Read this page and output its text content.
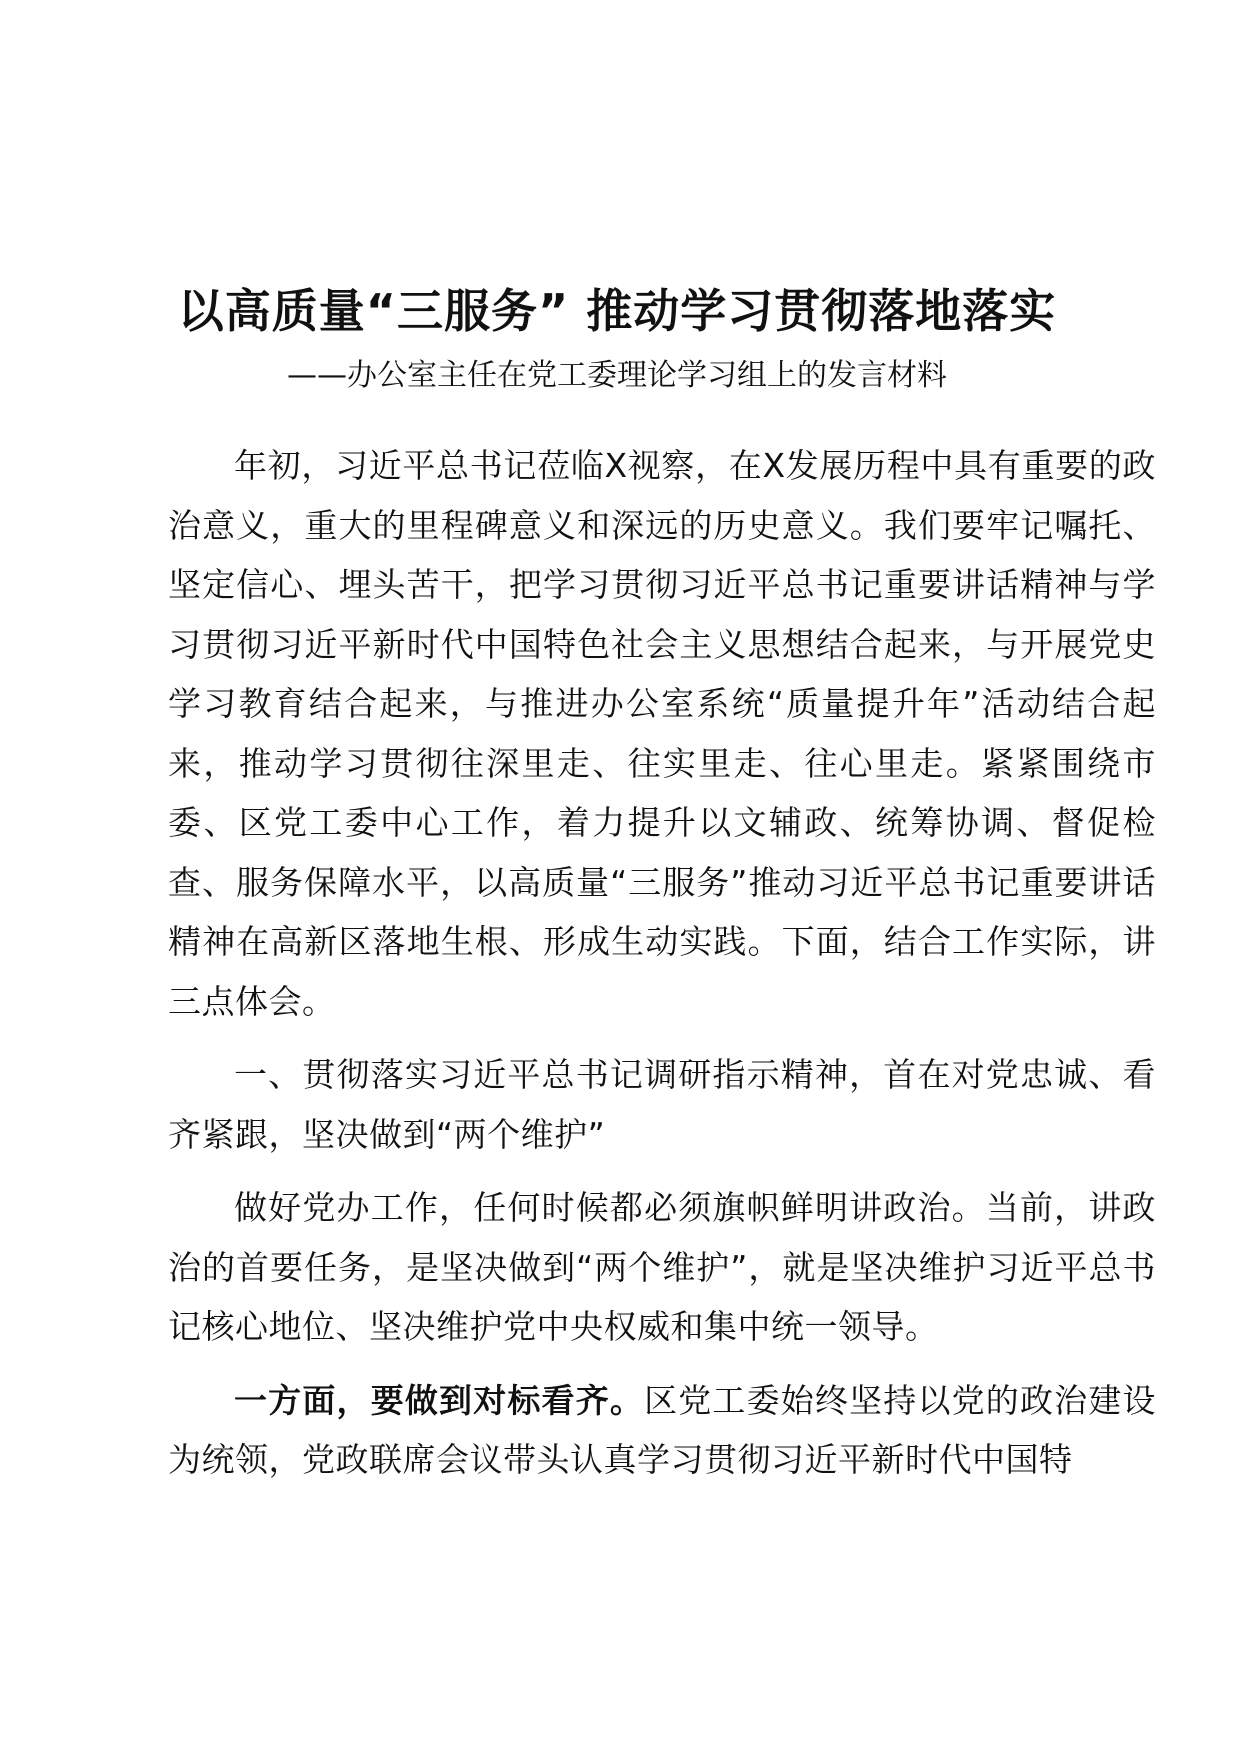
以高质量“三服务” 推动学习贯彻落地落实
——办公室主任在党工委理论学习组上的发言材料

年初，习近平总书记莅临X视察，在X发展历程中具有重要的政治意义，重大的里程碑意义和深远的历史意义。我们要牢记嘱托、坚定信心、埋头苦干，把学习贯彻习近平总书记重要讲话精神与学习贯彻习近平新时代中国特色社会主义思想结合起来，与开展党史学习教育结合起来，与推进办公室系统“质量提升年”活动结合起来，推动学习贯彻往深里走、往实里走、往心里走。紧紧围绕市委、区党工委中心工作，着力提升以文辅政、统筹协调、督促检查、服务保障水平，以高质量“三服务”推动习近平总书记重要讲话精神在高新区落地生根、形成生动实践。下面，结合工作实际，讲三点体会。

一、贯彻落实习近平总书记调研指示精神，首在对党忠诚、看齐紧跟，坚决做到“两个维护”

做好党办工作，任何时候都必须旗帜鲜明讲政治。当前，讲政治的首要任务，是坚决做到“两个维护”，就是坚决维护习近平总书记核心地位、坚决维护党中央权威和集中统一领导。

一方面，要做到对标看齐。区党工委始终坚持以党的政治建设为统领，党政联席会议带头认真学习贯彻习近平新时代中国特
